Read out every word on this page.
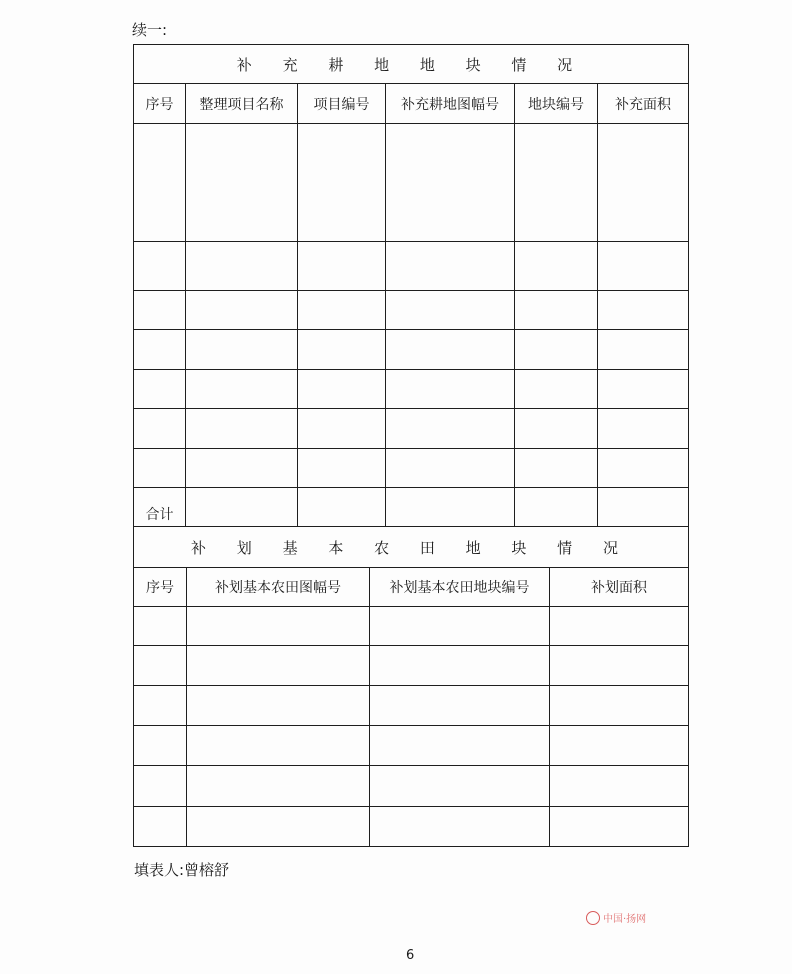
续一:
补 充 耕 地 地 块 情 况
序号	整理项目名称	项目编号	补充耕地图幅号	地块编号	补充面积
合计
补 划 基 本 农 田 地 块 情 况
序号	补划基本农田图幅号	补划基本农田地块编号	补划面积
填表人:曾榕舒
中国·扬网
6
